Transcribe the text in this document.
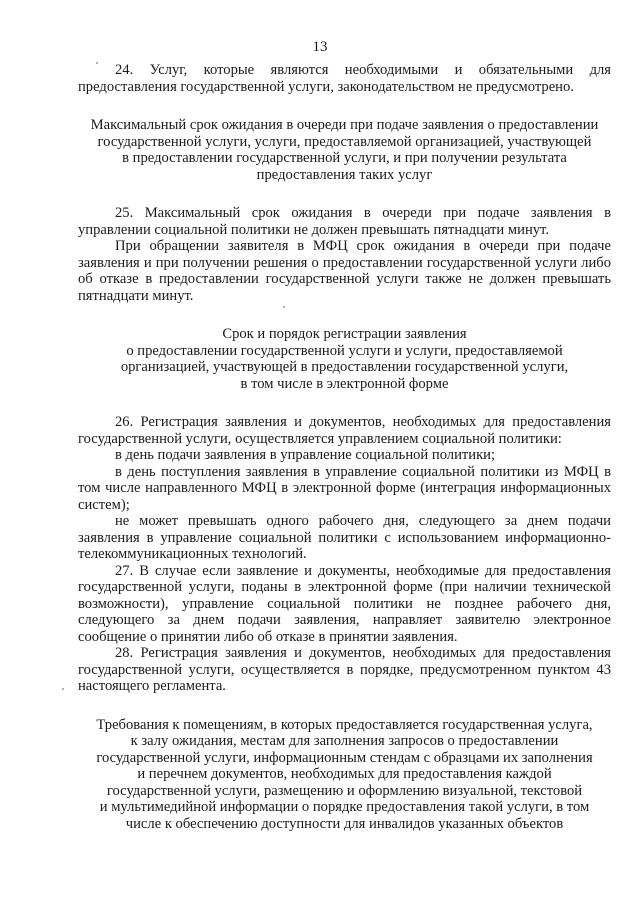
13

24. Услуг, которые являются необходимыми и обязательными для предоставления государственной услуги, законодательством не предусмотрено.

Максимальный срок ожидания в очереди при подаче заявления о предоставлении
государственной услуги, услуги, предоставляемой организацией, участвующей
в предоставлении государственной услуги, и при получении результата
предоставления таких услуг

25. Максимальный срок ожидания в очереди при подаче заявления в управлении социальной политики не должен превышать пятнадцати минут.

При обращении заявителя в МФЦ срок ожидания в очереди при подаче заявления и при получении решения о предоставлении государственной услуги либо об отказе в предоставлении государственной услуги также не должен превышать пятнадцати минут.

Срок и порядок регистрации заявления
о предоставлении государственной услуги и услуги, предоставляемой
организацией, участвующей в предоставлении государственной услуги,
в том числе в электронной форме

26. Регистрация заявления и документов, необходимых для предоставления государственной услуги, осуществляется управлением социальной политики:

в день подачи заявления в управление социальной политики;

в день поступления заявления в управление социальной политики из МФЦ в том числе направленного МФЦ в электронной форме (интеграция информационных систем);

не может превышать одного рабочего дня, следующего за днем подачи заявления в управление социальной политики с использованием информационно-телекоммуникационных технологий.

27. В случае если заявление и документы, необходимые для предоставления государственной услуги, поданы в электронной форме (при наличии технической возможности), управление социальной политики не позднее рабочего дня, следующего за днем подачи заявления, направляет заявителю электронное сообщение о принятии либо об отказе в принятии заявления.

28. Регистрация заявления и документов, необходимых для предоставления государственной услуги, осуществляется в порядке, предусмотренном пунктом 43 настоящего регламента.

Требования к помещениям, в которых предоставляется государственная услуга,
к залу ожидания, местам для заполнения запросов о предоставлении
государственной услуги, информационным стендам с образцами их заполнения
и перечнем документов, необходимых для предоставления каждой
государственной услуги, размещению и оформлению визуальной, текстовой
и мультимедийной информации о порядке предоставления такой услуги, в том
числе к обеспечению доступности для инвалидов указанных объектов
